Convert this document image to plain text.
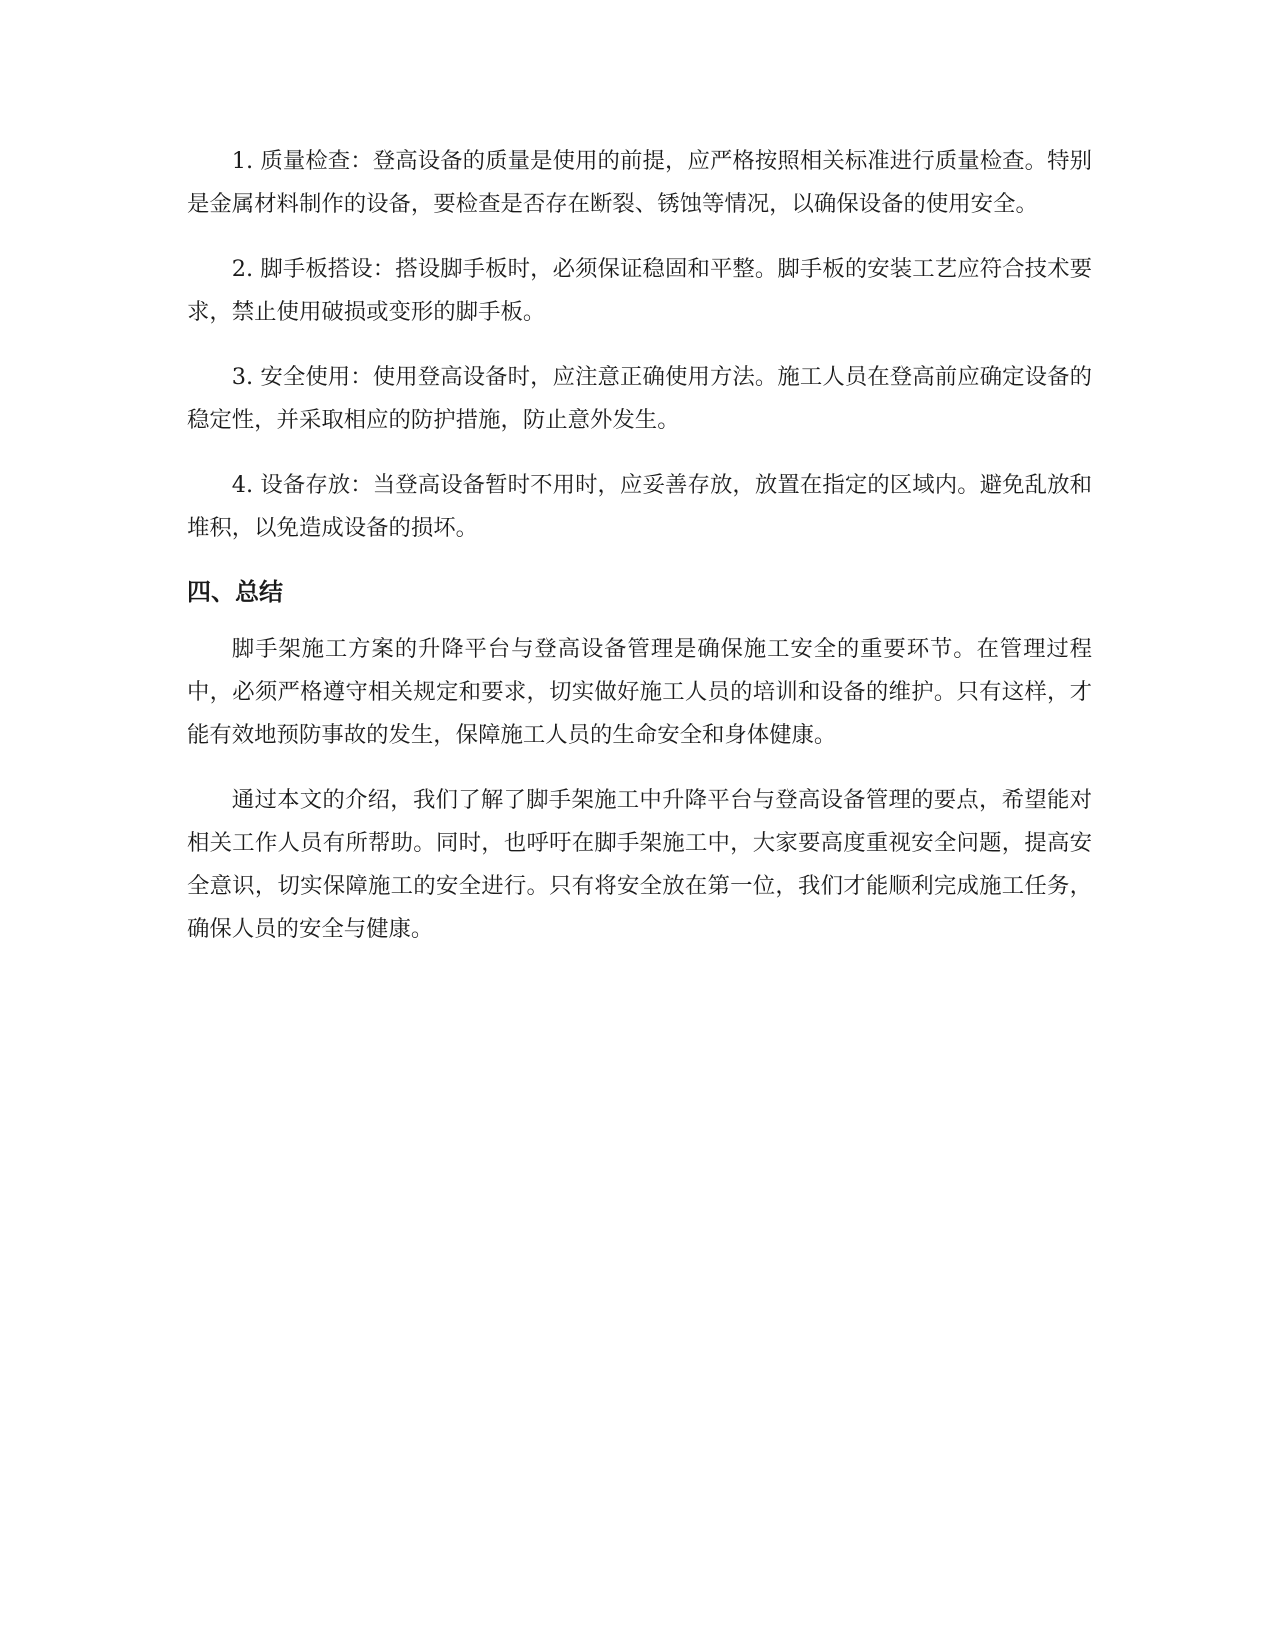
1. 质量检查：登高设备的质量是使用的前提，应严格按照相关标准进行质量检查。特别是金属材料制作的设备，要检查是否存在断裂、锈蚀等情况，以确保设备的使用安全。

2. 脚手板搭设：搭设脚手板时，必须保证稳固和平整。脚手板的安装工艺应符合技术要求，禁止使用破损或变形的脚手板。

3. 安全使用：使用登高设备时，应注意正确使用方法。施工人员在登高前应确定设备的稳定性，并采取相应的防护措施，防止意外发生。

4. 设备存放：当登高设备暂时不用时，应妥善存放，放置在指定的区域内。避免乱放和堆积，以免造成设备的损坏。

四、总结

脚手架施工方案的升降平台与登高设备管理是确保施工安全的重要环节。在管理过程中，必须严格遵守相关规定和要求，切实做好施工人员的培训和设备的维护。只有这样，才能有效地预防事故的发生，保障施工人员的生命安全和身体健康。

通过本文的介绍，我们了解了脚手架施工中升降平台与登高设备管理的要点，希望能对相关工作人员有所帮助。同时，也呼吁在脚手架施工中，大家要高度重视安全问题，提高安全意识，切实保障施工的安全进行。只有将安全放在第一位，我们才能顺利完成施工任务，确保人员的安全与健康。
